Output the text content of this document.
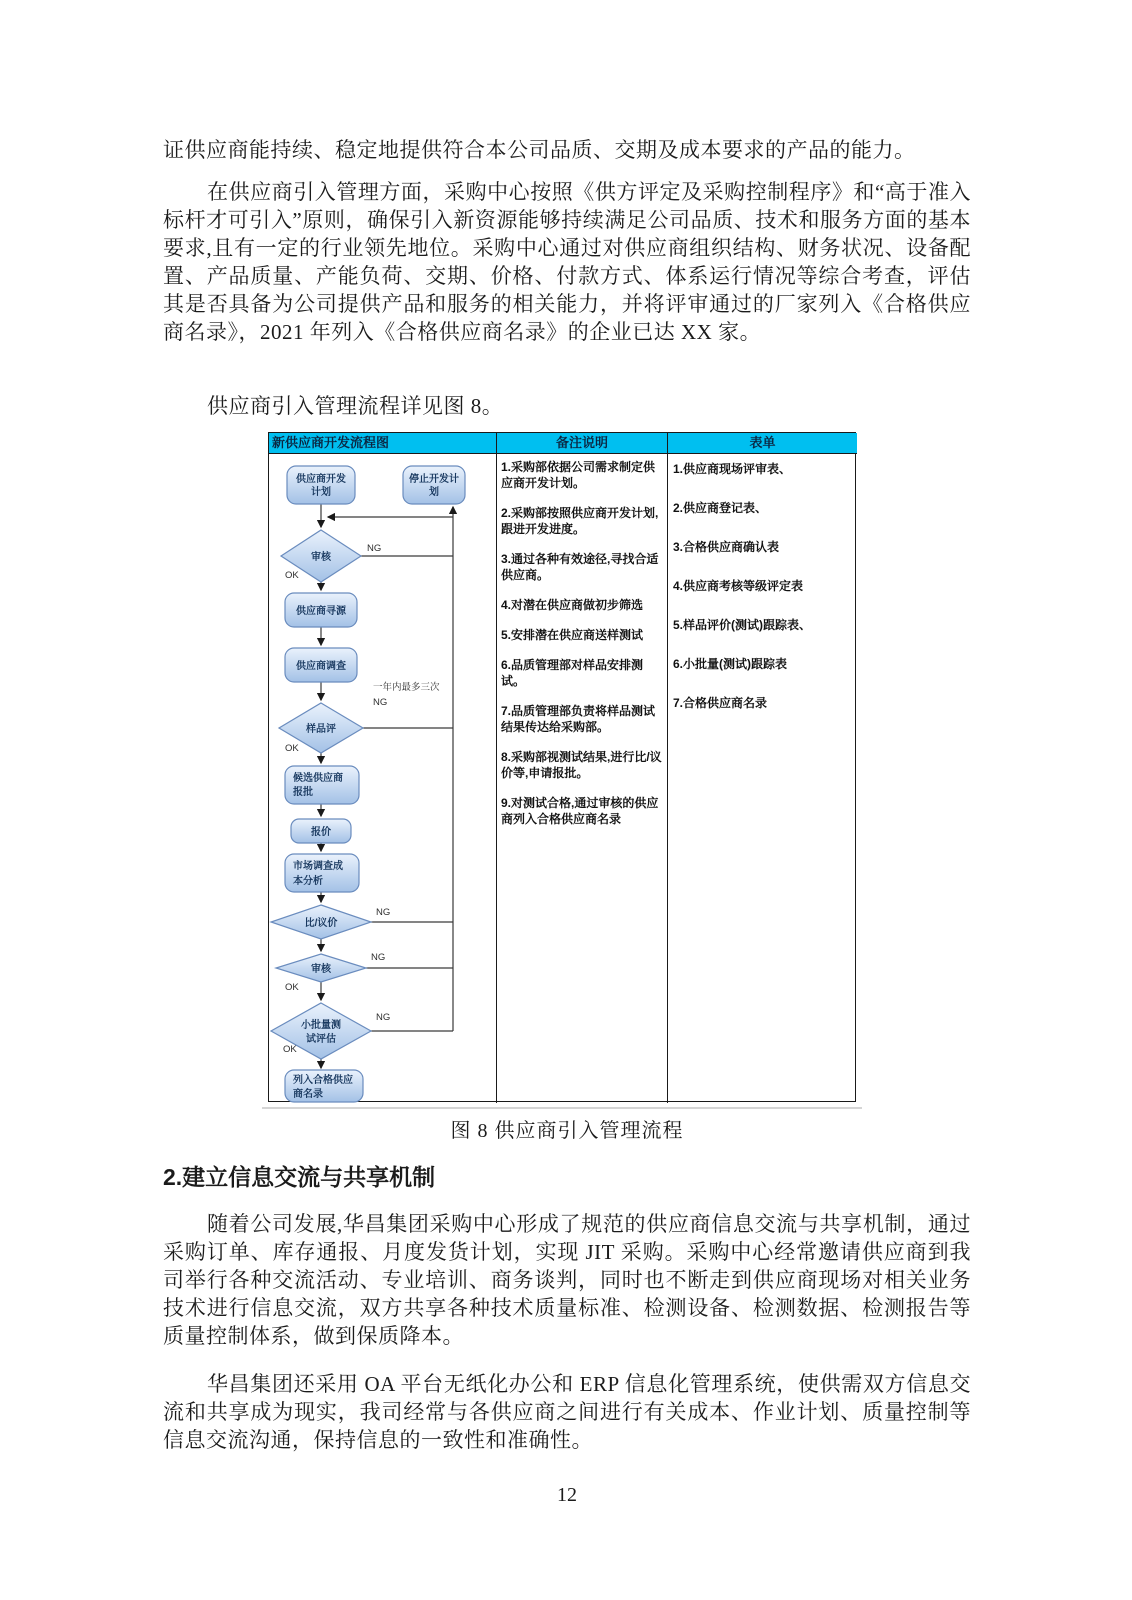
证供应商能持续、稳定地提供符合本公司品质、交期及成本要求的产品的能力。

在供应商引入管理方面，采购中心按照《供方评定及采购控制程序》和“高于准入标杆才可引入”原则，确保引入新资源能够持续满足公司品质、技术和服务方面的基本要求,且有一定的行业领先地位。采购中心通过对供应商组织结构、财务状况、设备配置、产品质量、产能负荷、交期、价格、付款方式、体系运行情况等综合考查，评估其是否具备为公司提供产品和服务的相关能力，并将评审通过的厂家列入《合格供应商名录》，2021 年列入《合格供应商名录》的企业已达 XX 家。

供应商引入管理流程详见图 8。

新供应商开发流程图	备注说明	表单
供应商开发
计划
停止开发计
划
审核
供应商寻源
供应商调查
样品评
候选供应商
报批
报价
市场调查成
本分析
比/议价
审核
小批量测
试评估
列入合格供应
商名录
NG
OK
一年内最多三次
NG
OK
NG
NG
OK
NG
OK

1.采购部依据公司需求制定供应商开发计划。

2.采购部按照供应商开发计划,跟进开发进度。

3.通过各种有效途径,寻找合适供应商。

4.对潜在供应商做初步筛选

5.安排潜在供应商送样测试

6.品质管理部对样品安排测试。

7.品质管理部负责将样品测试结果传达给采购部。

8.采购部视测试结果,进行比/议价等,申请报批。

9.对测试合格,通过审核的供应商列入合格供应商名录

1.供应商现场评审表、

2.供应商登记表、

3.合格供应商确认表

4.供应商考核等级评定表

5.样品评价(测试)跟踪表、

6.小批量(测试)跟踪表

7.合格供应商名录

图 8 供应商引入管理流程

2.建立信息交流与共享机制

随着公司发展,华昌集团采购中心形成了规范的供应商信息交流与共享机制，通过采购订单、库存通报、月度发货计划，实现 JIT 采购。采购中心经常邀请供应商到我司举行各种交流活动、专业培训、商务谈判，同时也不断走到供应商现场对相关业务技术进行信息交流，双方共享各种技术质量标准、检测设备、检测数据、检测报告等质量控制体系，做到保质降本。

华昌集团还采用 OA 平台无纸化办公和 ERP 信息化管理系统，使供需双方信息交流和共享成为现实，我司经常与各供应商之间进行有关成本、作业计划、质量控制等信息交流沟通，保持信息的一致性和准确性。

12
